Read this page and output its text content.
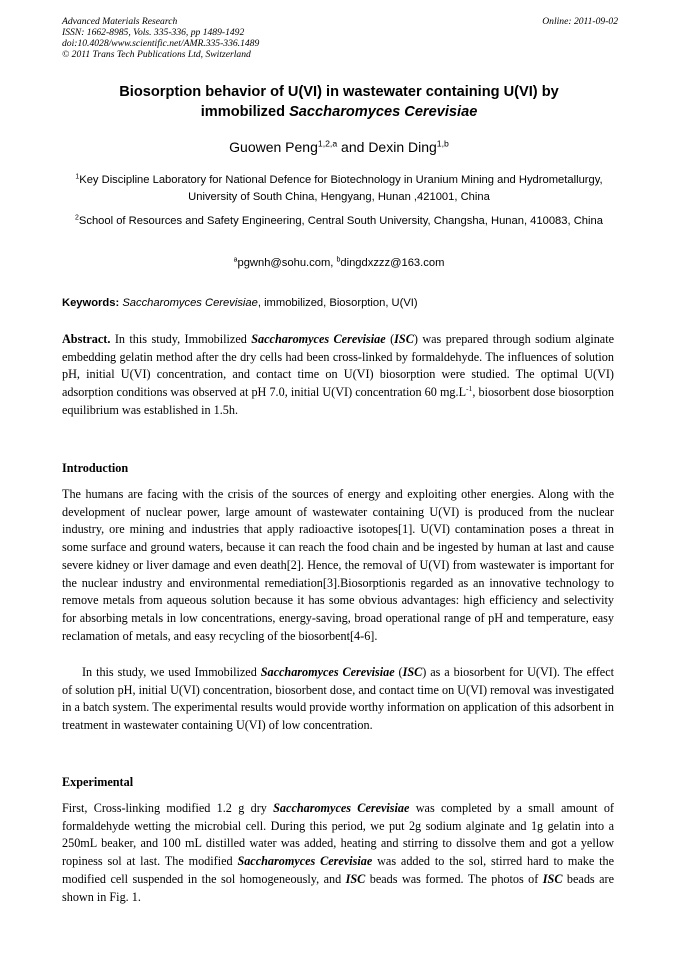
Advanced Materials Research
ISSN: 1662-8985, Vols. 335-336, pp 1489-1492
doi:10.4028/www.scientific.net/AMR.335-336.1489
© 2011 Trans Tech Publications Ltd, Switzerland
Online: 2011-09-02
Biosorption behavior of U(VI) in wastewater containing U(VI) by
immobilized Saccharomyces Cerevisiae
Guowen Peng$^{1,2,a}$ and Dexin Ding$^{1,b}$
$^1$Key Discipline Laboratory for National Defence for Biotechnology in Uranium Mining and Hydrometallurgy, University of South China, Hengyang, Hunan ,421001, China
$^2$School of Resources and Safety Engineering, Central South University, Changsha, Hunan, 410083, China
$^a$pgwnh@sohu.com, $^b$dingdxzzz@163.com
Keywords: Saccharomyces Cerevisiae, immobilized, Biosorption, U(VI)
Abstract. In this study, Immobilized Saccharomyces Cerevisiae (ISC) was prepared through sodium alginate embedding gelatin method after the dry cells had been cross-linked by formaldehyde. The influences of solution pH, initial U(VI) concentration, and contact time on U(VI) biosorption were studied. The optimal U(VI) adsorption conditions was observed at pH 7.0, initial U(VI) concentration 60 $mg.L^{-1}$, biosorbent dose biosorption equilibrium was established in 1.5h.
Introduction
The humans are facing with the crisis of the sources of energy and exploiting other energies. Along with the development of nuclear power, large amount of wastewater containing U(VI) is produced from the nuclear industry, ore mining and industries that apply radioactive isotopes[1]. U(VI) contamination poses a threat in some surface and ground waters, because it can reach the food chain and be ingested by human at last and cause severe kidney or liver damage and even death[2]. Hence, the removal of U(VI) from wastewater is important for the nuclear industry and environmental remediation[3].Biosorptionis regarded as an innovative technology to remove metals from aqueous solution because it has some obvious advantages: high efficiency and selectivity for absorbing metals in low concentrations, energy-saving, broad operational range of pH and temperature, easy reclamation of metals, and easy recycling of the biosorbent[4-6].
In this study, we used Immobilized Saccharomyces Cerevisiae (ISC) as a biosorbent for U(VI). The effect of solution pH, initial U(VI) concentration, biosorbent dose, and contact time on U(VI) removal was investigated in a batch system. The experimental results would provide worthy information on application of this adsorbent in treatment in wastewater containing U(VI) of low concentration.
Experimental
First, Cross-linking modified 1.2 g dry Saccharomyces Cerevisiae was completed by a small amount of formaldehyde wetting the microbial cell. During this period, we put 2g sodium alginate and 1g gelatin into a 250mL beaker, and 100 mL distilled water was added, heating and stirring to dissolve them and got a yellow ropiness sol at last. The modified Saccharomyces Cerevisiae was added to the sol, stirred hard to make the modified cell suspended in the sol homogeneously, and ISC beads was formed. The photos of ISC beads are shown in Fig. 1.
